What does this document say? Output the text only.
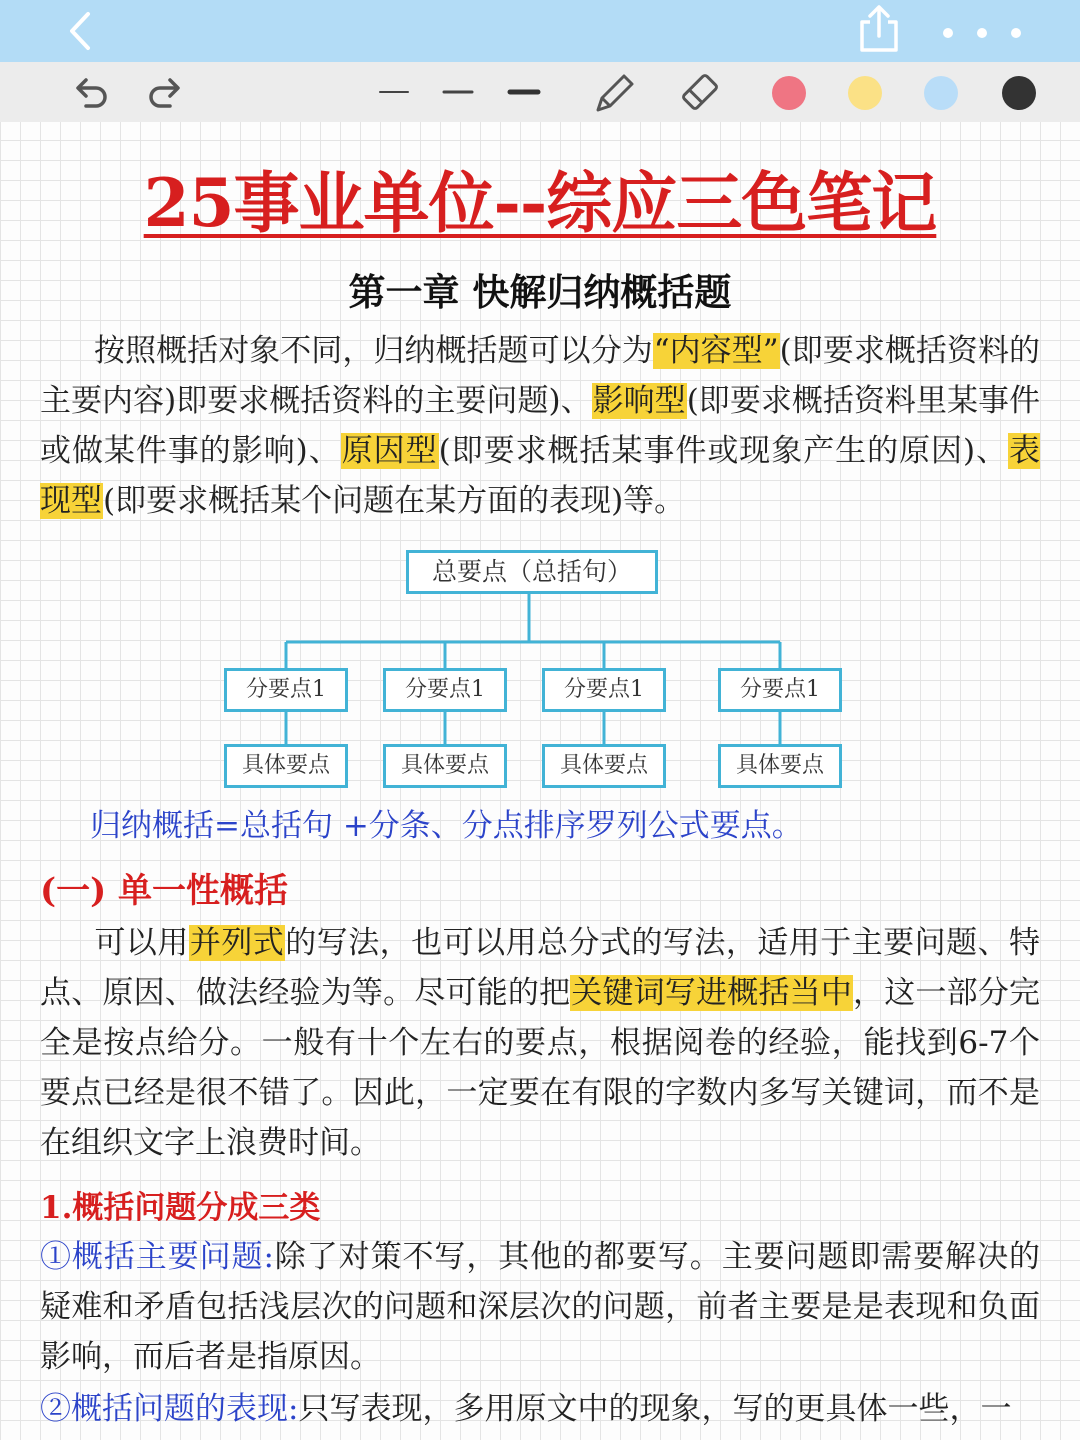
25事业单位--综应三色笔记
第一章 快解归纳概括题

按照概括对象不同，归纳概括题可以分为“内容型”(即要求概括资料的主要内容)即要求概括资料的主要问题)、影响型(即要求概括资料里某事件或做某件事的影响)、原因型(即要求概括某事件或现象产生的原因)、表现型(即要求概括某个问题在某方面的表现)等。

总要点（总括句）
分要点1	分要点1	分要点1	分要点1
具体要点	具体要点	具体要点	具体要点

归纳概括=总括句 +分条、分点排序罗列公式要点。

(一) 单一性概括

可以用并列式的写法，也可以用总分式的写法，适用于主要问题、特点、原因、做法经验为等。尽可能的把关键词写进概括当中，这一部分完全是按点给分。一般有十个左右的要点，根据阅卷的经验，能找到6-7个要点已经是很不错了。因此，一定要在有限的字数内多写关键词，而不是在组织文字上浪费时间。

1.概括问题分成三类

①概括主要问题:除了对策不写，其他的都要写。主要问题即需要解决的疑难和矛盾包括浅层次的问题和深层次的问题，前者主要是是表现和负面影响，而后者是指原因。

②概括问题的表现:只写表现，多用原文中的现象，写的更具体一些，一
